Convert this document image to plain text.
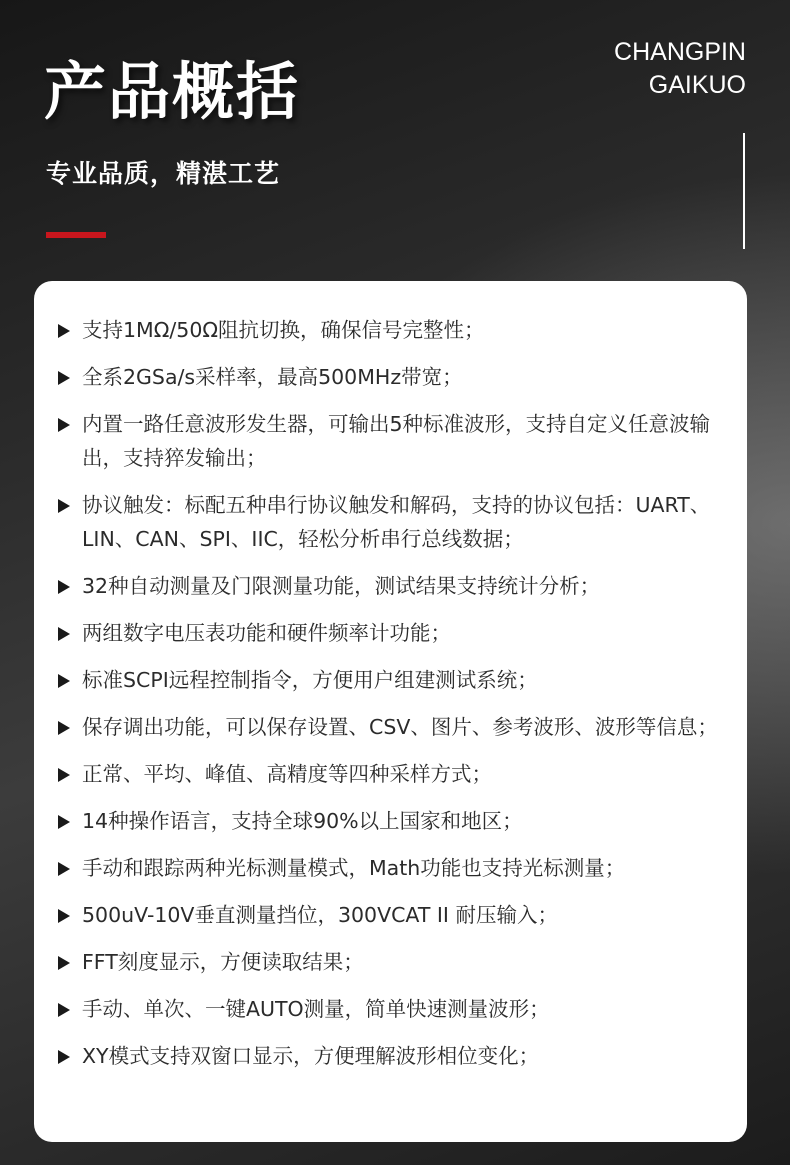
产品概括
专业品质，精湛工艺
CHANGPIN
GAIKUO
支持1MΩ/50Ω阻抗切换，确保信号完整性；
全系2GSa/s采样率，最高500MHz带宽；
内置一路任意波形发生器，可输出5种标准波形，支持自定义任意波输出，支持猝发输出；
协议触发：标配五种串行协议触发和解码，支持的协议包括：UART、LIN、CAN、SPI、IIC，轻松分析串行总线数据；
32种自动测量及门限测量功能，测试结果支持统计分析；
两组数字电压表功能和硬件频率计功能；
标准SCPI远程控制指令，方便用户组建测试系统；
保存调出功能，可以保存设置、CSV、图片、参考波形、波形等信息；
正常、平均、峰值、高精度等四种采样方式；
14种操作语言，支持全球90%以上国家和地区；
手动和跟踪两种光标测量模式，Math功能也支持光标测量；
500uV-10V垂直测量挡位，300VCAT II 耐压输入；
FFT刻度显示，方便读取结果；
手动、单次、一键AUTO测量，简单快速测量波形；
XY模式支持双窗口显示，方便理解波形相位变化；
